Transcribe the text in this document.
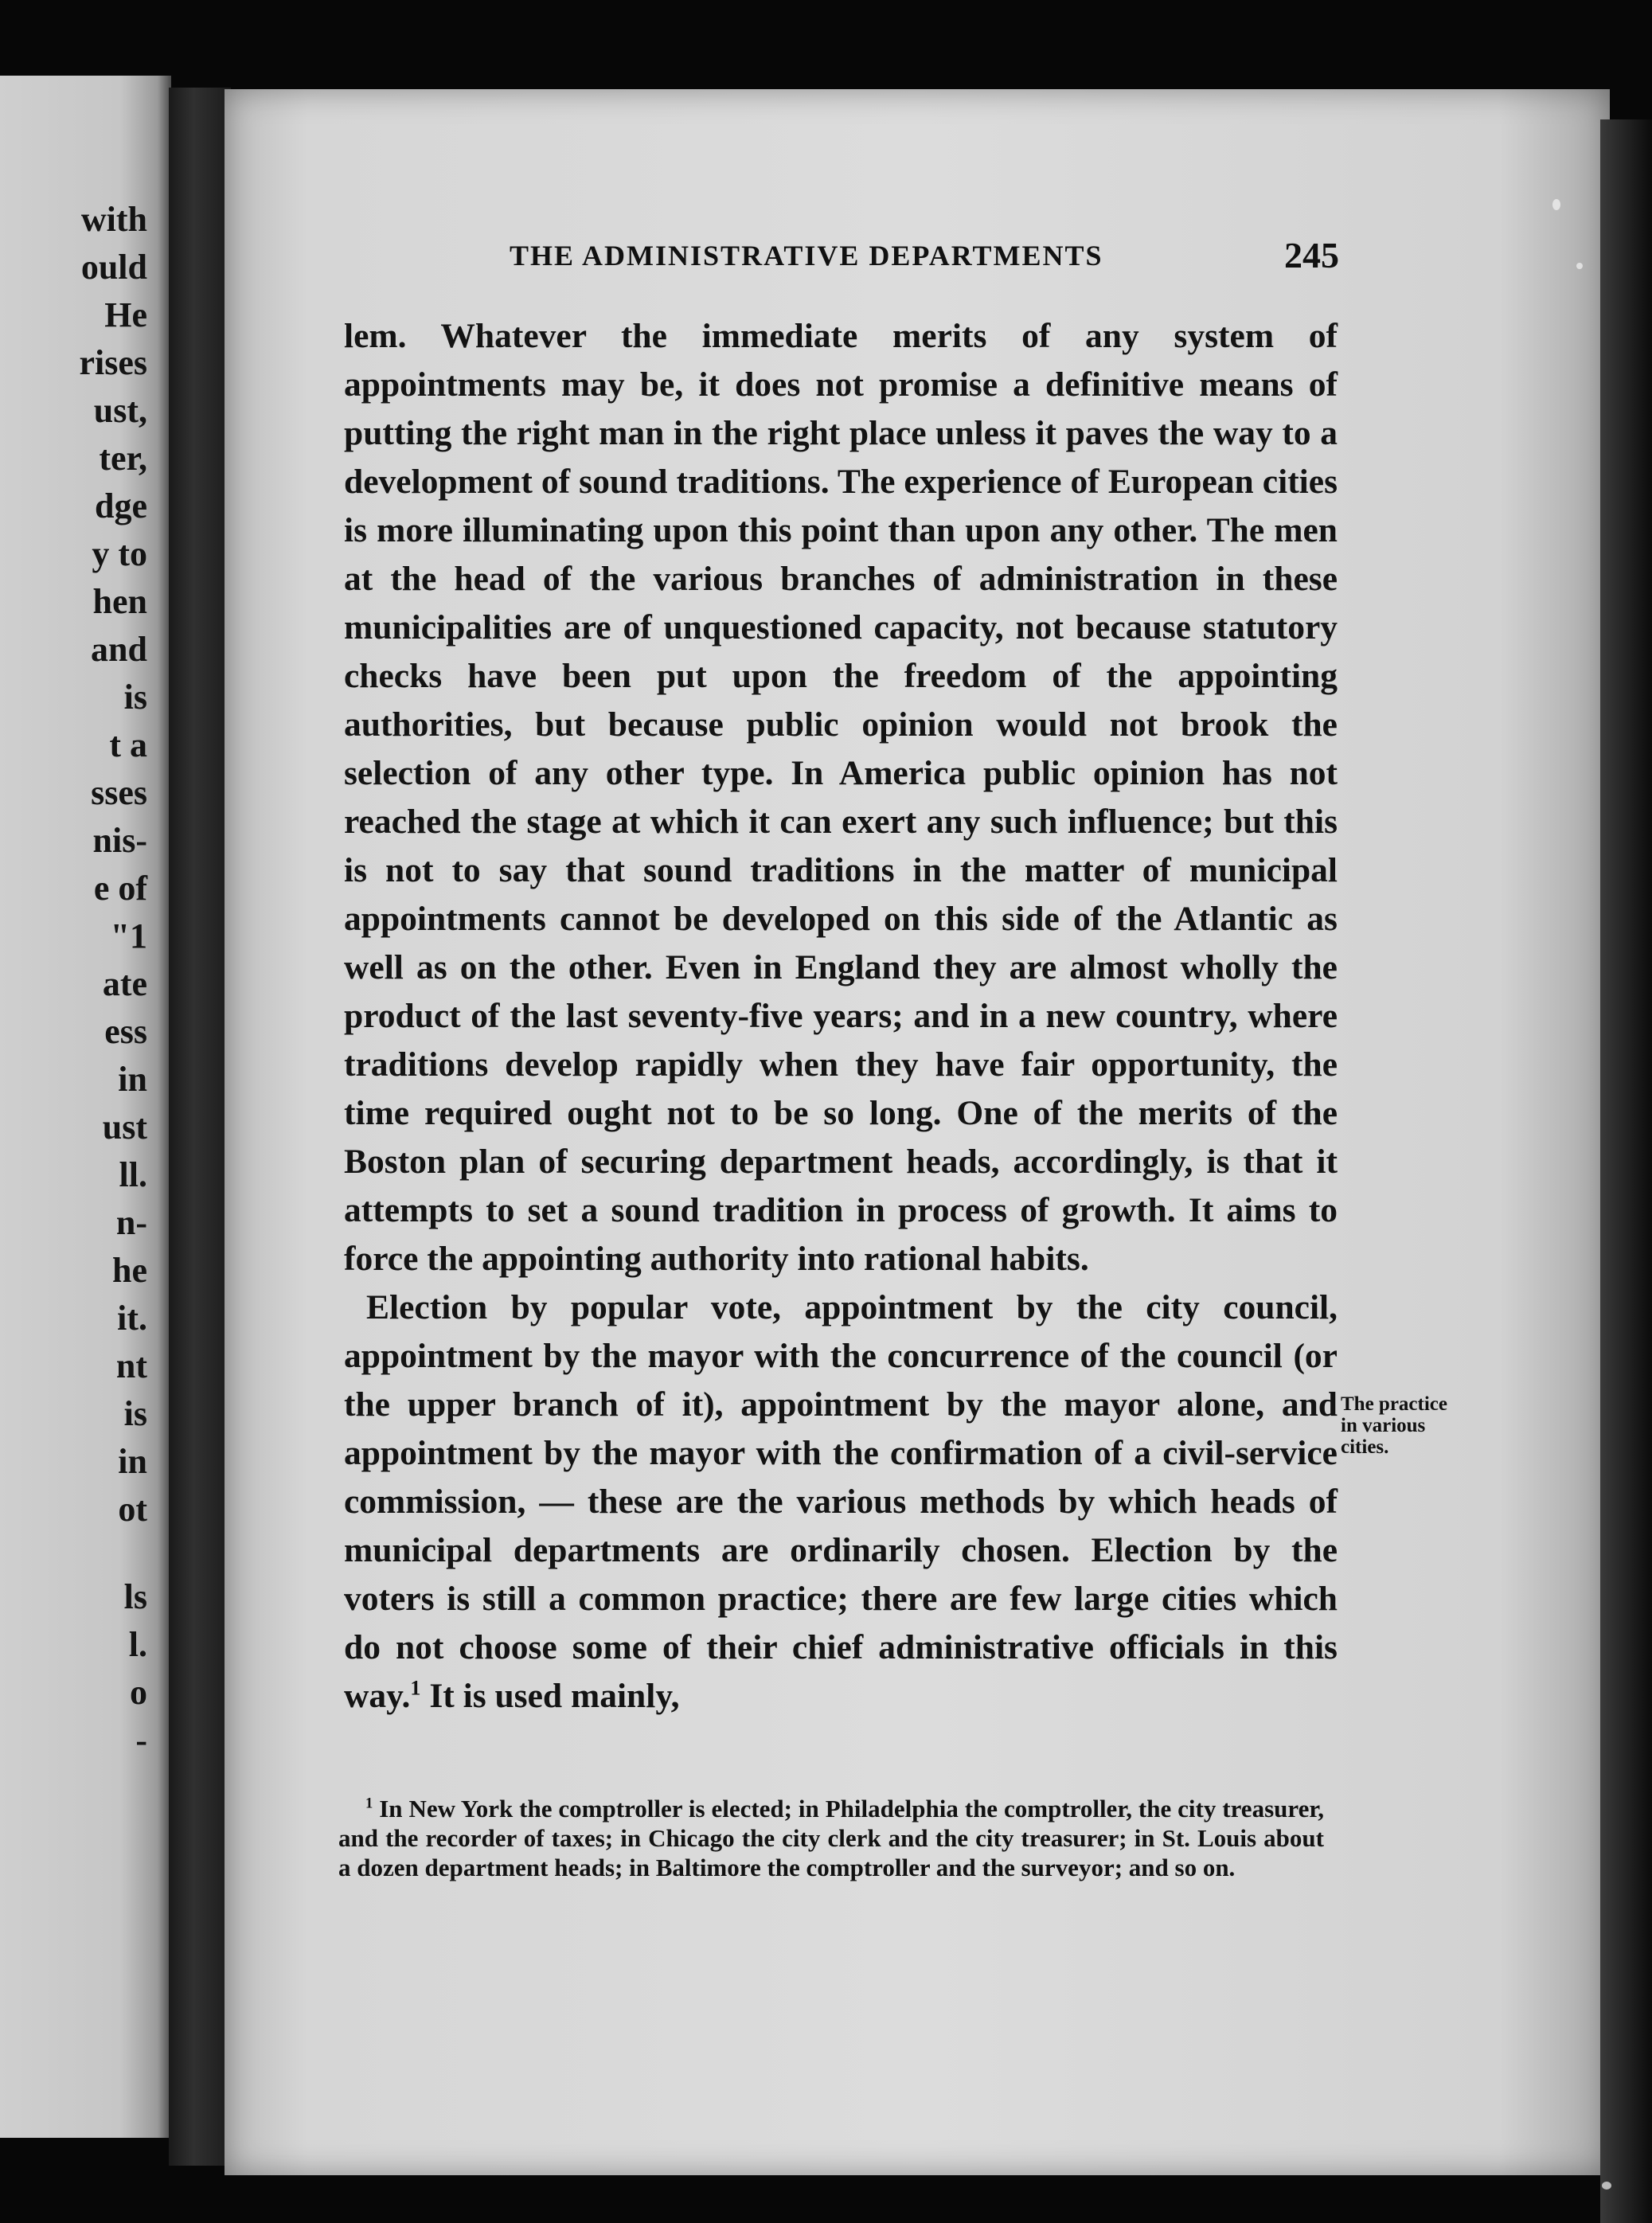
with
ould
He
rises
ust,
ter,
dge
y to
hen
and
is
t a
sses
nis-
e of
"1
ate
ess
in
ust
ll.
n-
he
it.
nt
is
in
ot
ls
l.
o
-
THE ADMINISTRATIVE DEPARTMENTS	245

lem. Whatever the immediate merits of any system of appointments may be, it does not promise a definitive means of putting the right man in the right place unless it paves the way to a development of sound traditions. The experience of European cities is more illuminating upon this point than upon any other. The men at the head of the various branches of administration in these municipalities are of unquestioned capacity, not because statutory checks have been put upon the freedom of the appointing authorities, but because public opinion would not brook the selection of any other type. In America public opinion has not reached the stage at which it can exert any such influence; but this is not to say that sound traditions in the matter of municipal appointments cannot be developed on this side of the Atlantic as well as on the other. Even in England they are almost wholly the product of the last seventy-five years; and in a new country, where traditions develop rapidly when they have fair opportunity, the time required ought not to be so long. One of the merits of the Boston plan of securing department heads, accordingly, is that it attempts to set a sound tradition in process of growth. It aims to force the appointing authority into rational habits.

Election by popular vote, appointment by the city council, appointment by the mayor with the concurrence of the council (or the upper branch of it), appointment by the mayor alone, and appointment by the mayor with the confirmation of a civil-service commission, — these are the various methods by which heads of municipal departments are ordinarily chosen. Election by the voters is still a common practice; there are few large cities which do not choose some of their chief administrative officials in this way.$^1$ It is used mainly,

The practice in various cities.

$^1$ In New York the comptroller is elected; in Philadelphia the comptroller, the city treasurer, and the recorder of taxes; in Chicago the city clerk and the city treasurer; in St. Louis about a dozen department heads; in Baltimore the comptroller and the surveyor; and so on.
